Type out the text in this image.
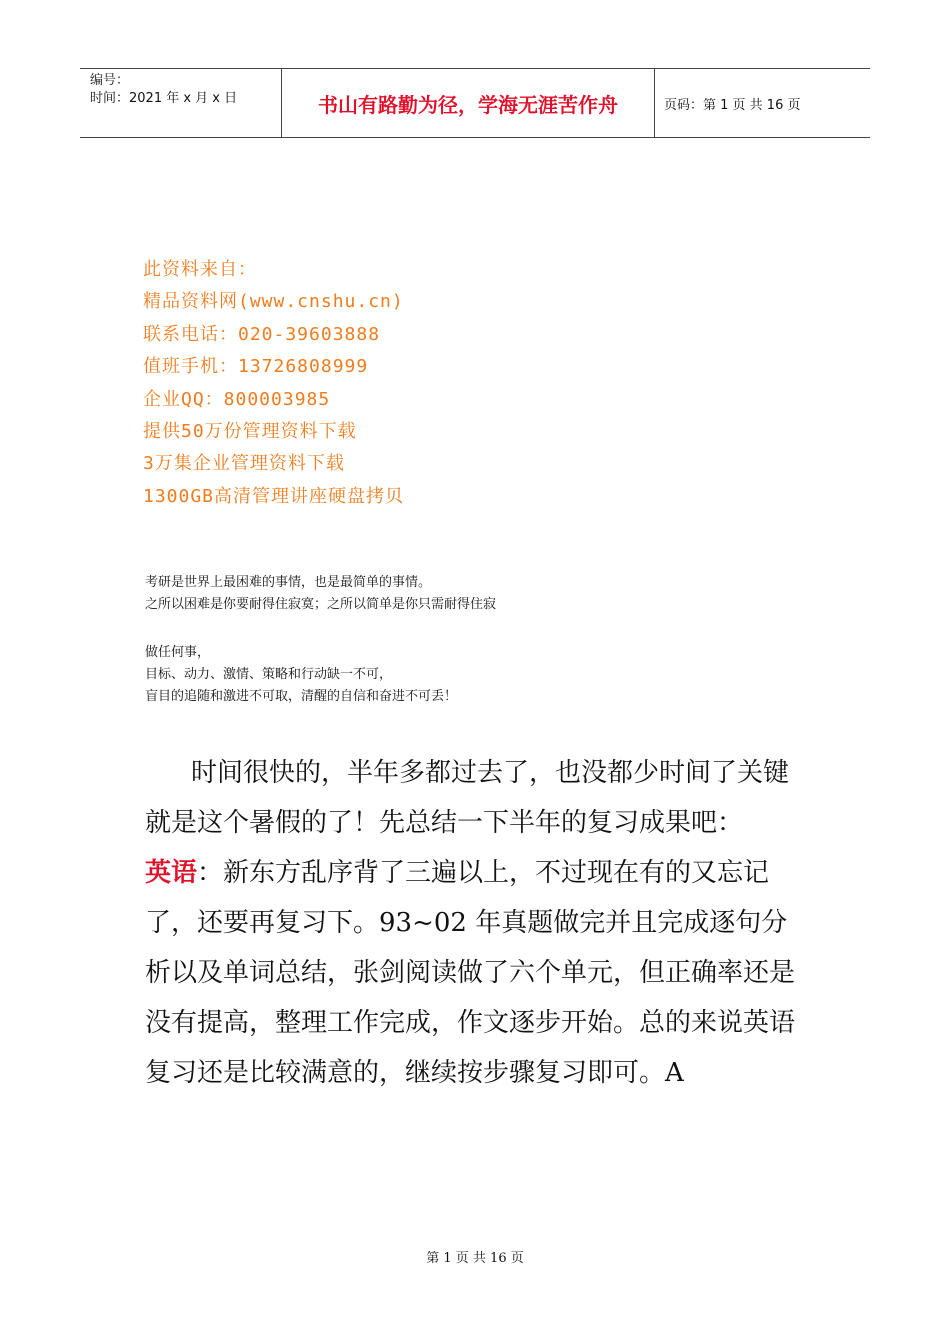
编号：
时间：2021 年 x 月 x 日	书山有路勤为径，学海无涯苦作舟	页码：第 1 页 共 16 页
此资料来自：
精品资料网(www.cnshu.cn)
联系电话：020-39603888
值班手机：13726808999
企业QQ：800003985
提供50万份管理资料下载
3万集企业管理资料下载
1300GB高清管理讲座硬盘拷贝
考研是世界上最困难的事情，也是最简单的事情。
之所以困难是你要耐得住寂寞；之所以简单是你只需耐得住寂
做任何事，
目标、动力、激情、策略和行动缺一不可，
盲目的追随和激进不可取，清醒的自信和奋进不可丢！

时间很快的，半年多都过去了，也没都少时间了关键就是这个暑假的了！先总结一下半年的复习成果吧：

英语：新东方乱序背了三遍以上，不过现在有的又忘记了，还要再复习下。93~02 年真题做完并且完成逐句分析以及单词总结，张剑阅读做了六个单元，但正确率还是没有提高，整理工作完成，作文逐步开始。总的来说英语复习还是比较满意的，继续按步骤复习即可。A

第 1 页 共 16 页
